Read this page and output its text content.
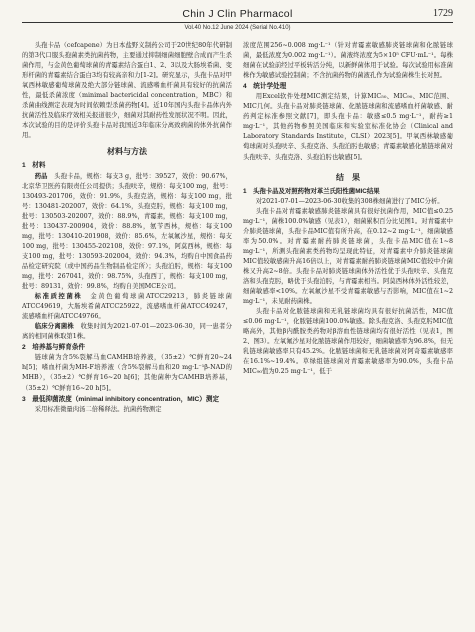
Chin J Clin Pharmacol	1729
Vol.40 No.12 June 2024 (Serial No.410)

头孢卡品（cefcapene）为日本盐野义制药公司于20世纪80年代研制的第3代口服头孢菌素类抗菌药物，主要通过抑制细菌细胞壁合成而产生杀菌作用，与金黄色葡萄球菌的青霉素结合蛋白1、2、3以及大肠埃希菌、变形杆菌的青霉素结合蛋白3均有较高亲和力[1-2]。研究显示，头孢卡品对甲氧西林敏感葡萄球菌及绝大部分链球菌、流感嗜血杆菌具有较好的抗菌活性，最低杀菌浓度（minimal bactericidal concentration，MBC）和杀菌曲线测定表现为时间依赖型杀菌药物[4]。近10年国内头孢卡品体内外抗菌活性及临床疗效相关报道很少，细菌对其耐药性发展状况不明。因此，本次试验的目的是评价头孢卡品对我国近3年临床分离致病菌的体外抗菌作用。

材料与方法
1　材料

药品　 头孢卡品，规格：每支3 g，批号：39527，效价：90.67%，北京华卫医药有限责任公司提供；头孢呋辛，规格：每支100 mg，批号：130493-201706，效价：91.9%，头孢克洛，规格：每支100 mg，批号：130481-202007，效价：64.1%，头孢克肟，规格：每支100 mg，批号：130503-202007，效价：88.9%，青霉素，规格：每支100 mg，批号：130437-200904，效价：88.8%，氨苄西林，规格：每支100 mg，批号：130410-201908，效价：85.6%，左氧氟沙星，规格：每支100 mg，批号：130455-202108，效价：97.1%，阿莫西林，规格：每支100 mg，批号：130593-202004，效价：94.3%，均购自中国食品药品检定研究院（或中国药品生物制品检定所）；头孢泊肟，规格：每支100 mg，批号：267041，效价：98.75%，头孢西丁，规格：每支100 mg，批号：89131，效价：99.8%，均购自美国MCE公司。

标准质控菌株　 金黄色葡萄球菌ATCC29213，肺炎链球菌ATCC49619，大肠埃希菌ATCC25922，流感嗜血杆菌ATCC49247，流感嗜血杆菌ATCC49766。

临床分离菌株　 收集时间为2021-07-01—2023-06-30，同一患者分离的相同菌株取第1株。

2　培养基与鲜育条件

链球菌为含5%裂解马血CAMHB培养液，（35±2）℃鲜育20~24 h[5]；嗜血杆菌为MH-F培养液（含5%裂解马血和20 mg·L⁻¹β-NAD的MHB），（35±2）℃鲜育16~20 h[6]；其他菌种为CAMHB培养基，（35±2）℃鲜育16~20 h[5]。

3　最低抑菌浓度（minimal inhibitory concentration，MIC）测定

采用标准微量肉汤二倍稀释法。抗菌药物测定

浓度范围256~0.008 mg·L⁻¹（针对青霉素敏感肺炎链球菌和化脓链球菌，最低浓度为0.002 mg·L⁻¹）。菌液终浓度为5×10⁵ CFU·mL⁻¹。每株细菌在试验前经过平板转活分纯，以新鲜菌体用于试验。每次试验用标准菌株作为敏感试验控制菌；不含抗菌药物的菌液孔作为试验菌株生长对照。

4　统计学处理

用Excel软件处理MIC测定结果，计算MIC₅₀、MIC₉₀、MIC范围、MIC几何。头孢卡品对肺炎链球菌、化脓链球菌和流感嗜血杆菌敏感、耐药判定标准参照文献[7]，即头孢卡品：敏感≤0.5 mg·L⁻¹，耐药≥1 mg·L⁻¹，其他药物参照美国临床和实验室标准化协会（Clinical and Laboratory Standards Institute，CLSI）2023[5]。甲氧西林敏感葡萄球菌对头孢呋辛、头孢克洛、头孢泊肟也敏感；青霉素敏感化脓链球菌对头孢呋辛、头孢克洛、头孢泊肟也敏感[5]。

结　果
1　头孢卡品及对照药物对革兰氏阳性菌MIC结果

对2021-07-01—2023-06-30收集的308株细菌进行了MIC分析。

头孢卡品对青霉素敏感肺炎链球菌具有很好抗菌作用，MIC值≤0.25 mg·L⁻¹，菌株100.0%敏感（见表1），细菌累积百分比见图1。对青霉素中介肺炎链球菌，头孢卡品MIC值有所升高，在0.12~2 mg·L⁻¹，细菌敏感率为50.0%。对青霉素耐药肺炎链球菌，头孢卡品MIC值在1~8 mg·L⁻¹，所测头孢菌素类药物均呈现此特征，对青霉素中介肺炎链球菌MIC值较敏感菌升高16倍以上，对青霉素耐药肺炎链球菌MIC值较中介菌株又升高2~8倍。头孢卡品对肺炎链球菌体外活性优于头孢呋辛、头孢克洛和头孢克肟，略优于头孢泊肟，与青霉素相当。阿莫西林体外活性较差，细菌敏感率<10%。左氧氟沙星不受青霉素敏感与否影响，MIC值在1~2 mg·L⁻¹，未见耐药菌株。

头孢卡品对化脓链球菌和无乳链球菌均具有很好抗菌活性，MIC值≤0.06 mg·L⁻¹，化脓链球菌100.0%敏感。除头孢克洛、头孢克肟MIC值略高外，其他β内酰胺类药物对β溶血性链球菌均有很好活性（见表1，图2、图3）。左氧氟沙星对化脓链球菌作用较好，细菌敏感率为96.8%，但无乳链球菌敏感率只有45.2%。化脓链球菌和无乳链球菌对阿奇霉素敏感率在16.1%~19.4%。草绿组链球菌对青霉素敏感率为90.0%，头孢卡品MIC₉₀值为0.25 mg·L⁻¹，低于
